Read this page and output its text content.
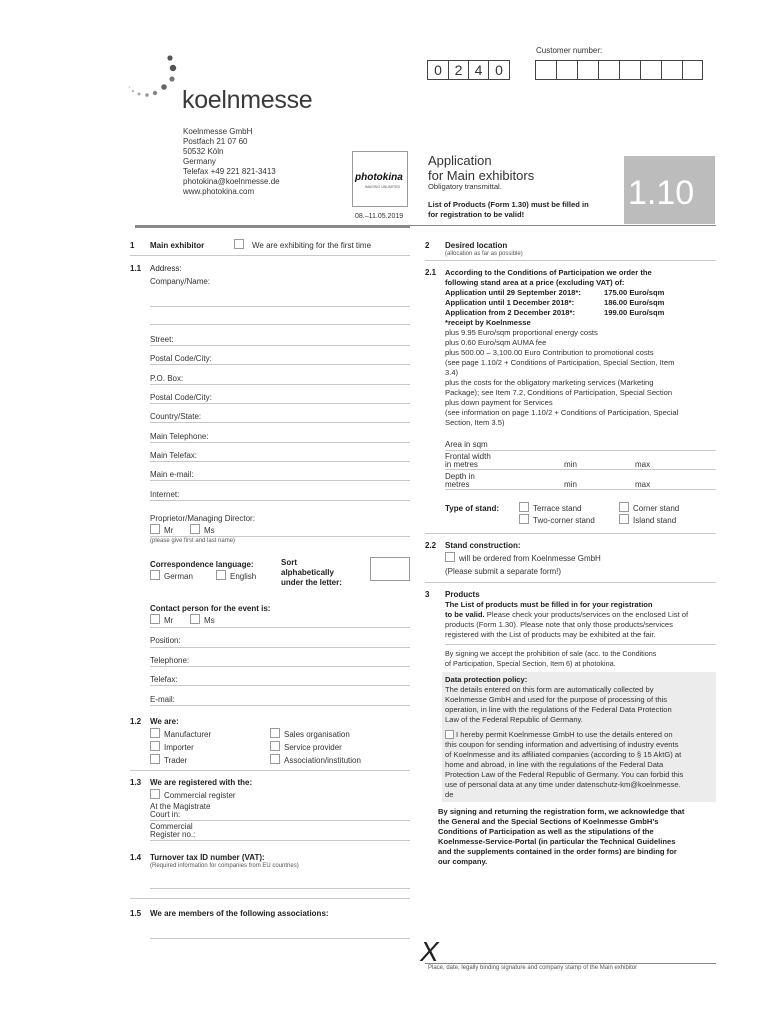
Customer number:
0 2 4 0
koelnmesse
Koelnmesse GmbH
Postfach 21 07 60
50532 Köln
Germany
Telefax +49 221 821-3413
photokina@koelnmesse.de
www.photokina.com
photokina
IMAGING UNLIMITED
08.–11.05.2019
Application
for Main exhibitors
Obligatory transmittal.
List of Products (Form 1.30) must be filled in
for registration to be valid!
1.10
1 Main exhibitor	We are exhibiting for the first time
1.1 Address:
Company/Name:
Street:
Postal Code/City:
P.O. Box:
Postal Code/City:
Country/State:
Main Telephone:
Main Telefax:
Main e-mail:
Internet:
Proprietor/Managing Director:
Mr	Ms
(please give first and last name)
Correspondence language:
German	English
Sort
alphabetically
under the letter:
Contact person for the event is:
Mr	Ms
Position:
Telephone:
Telefax:
E-mail:
1.2 We are:
Manufacturer
Importer
Trader
Sales organisation
Service provider
Association/institution
1.3 We are registered with the:
Commercial register
At the Magistrate
Court in:
Commercial
Register no.:
1.4 Turnover tax ID number (VAT):
(Required information for companies from EU countries)
1.5 We are members of the following associations:
2 Desired location
(allocation as far as possible)
2.1 According to the Conditions of Participation we order the
following stand area at a price (excluding VAT) of:
Application until 29 September 2018*:	175.00 Euro/sqm
Application until 1 December 2018*:	186.00 Euro/sqm
Application from 2 December 2018*:	199.00 Euro/sqm
*receipt by Koelnmesse
plus 9.95 Euro/sqm proportional energy costs
plus 0.60 Euro/sqm AUMA fee
plus 500.00 – 3,100.00 Euro Contribution to promotional costs
(see page 1.10/2 + Conditions of Participation, Special Section, Item
3.4)
plus the costs for the obligatory marketing services (Marketing
Package); see Item 7.2, Conditions of Participation, Special Section
plus down payment for Services
(see information on page 1.10/2 + Conditions of Participation, Special
Section, Item 3.5)
Area in sqm
Frontal width
in metres	min	max
Depth in
metres	min	max
Type of stand:	Terrace stand
Two-corner stand
Corner stand
Island stand
2.2 Stand construction:
will be ordered from Koelnmesse GmbH
(Please submit a separate form!)
3 Products
The List of products must be filled in for your registration
to be valid. Please check your products/services on the enclosed List of
products (Form 1.30). Please note that only those products/services
registered with the List of products may be exhibited at the fair.
By signing we accept the prohibition of sale (acc. to the Conditions
of Participation, Special Section, Item 6) at photokina.
Data protection policy:
The details entered on this form are automatically collected by
Koelnmesse GmbH and used for the purpose of processing of this
operation, in line with the regulations of the Federal Data Protection
Law of the Federal Republic of Germany.
I hereby permit Koelnmesse GmbH to use the details entered on
this coupon for sending information and advertising of industry events
of Koelnmesse and its affiliated companies (according to § 15 AktG) at
home and abroad, in line with the regulations of the Federal Data
Protection Law of the Federal Republic of Germany. You can forbid this
use of personal data at any time under datenschutz-km@koelnmesse.
de
By signing and returning the registration form, we acknowledge that
the General and the Special Sections of Koelnmesse GmbH’s
Conditions of Participation as well as the stipulations of the
Koelnmesse-Service-Portal (in particular the Technical Guidelines
and the supplements contained in the order forms) are binding for
our company.
X
Place, date, legally binding signature and company stamp of the Main exhibitor
